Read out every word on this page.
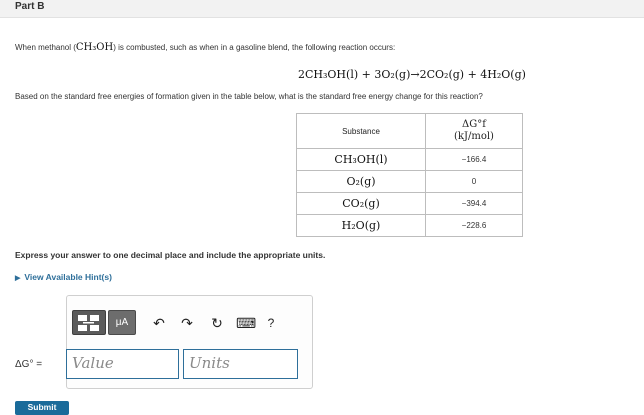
Part B
When methanol (CH₃OH) is combusted, such as when in a gasoline blend, the following reaction occurs:
2CH₃OH(l) + 3O₂(g)→2CO₂(g) + 4H₂O(g)
Based on the standard free energies of formation given in the table below, what is the standard free energy change for this reaction?
Substance	ΔG°f
(kJ/mol)

CH₃OH(l)	−166.4
O₂(g)	0
CO₂(g)	−394.4
H₂O(g)	−228.6
Express your answer to one decimal place and include the appropriate units.
▶ View Available Hint(s)
μA	↶ ↷ ↻ ⌨ ?
ΔG° =	Value	Units
Submit
